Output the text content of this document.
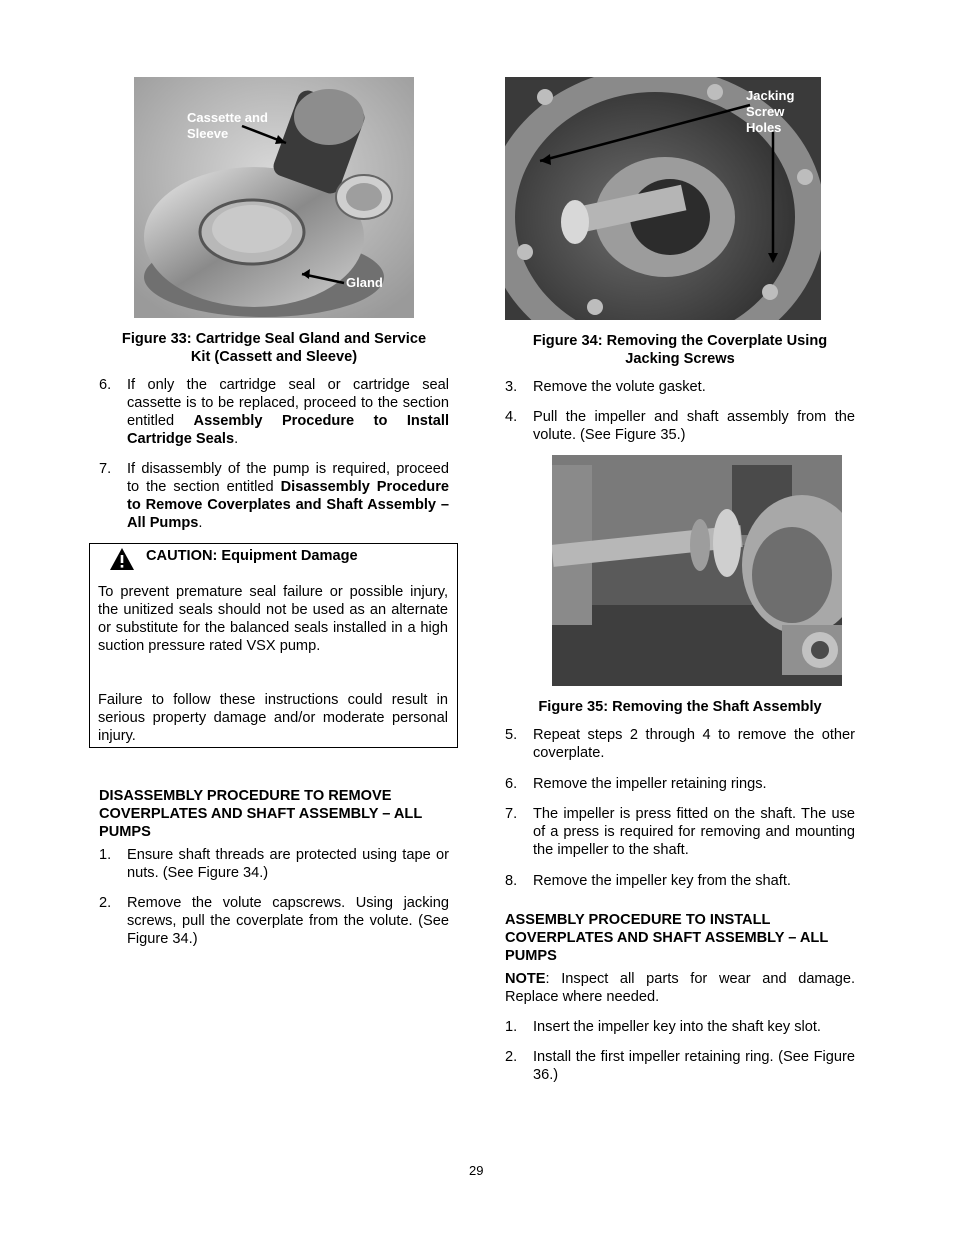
Cassette and Sleeve
Gland
Figure 33: Cartridge Seal Gland and Service
Kit (Cassett and Sleeve)
6. If only the cartridge seal or cartridge seal cassette is to be replaced, proceed to the section entitled Assembly Procedure to Install Cartridge Seals.
7. If disassembly of the pump is required, proceed to the section entitled Disassembly Procedure to Remove Coverplates and Shaft Assembly – All Pumps.
CAUTION: Equipment Damage

To prevent premature seal failure or possible injury, the unitized seals should not be used as an alternate or substitute for the balanced seals installed in a high suction pressure rated VSX pump.

Failure to follow these instructions could result in serious property damage and/or moderate personal injury.

DISASSEMBLY PROCEDURE TO REMOVE COVERPLATES AND SHAFT ASSEMBLY – ALL PUMPS
1. Ensure shaft threads are protected using tape or nuts. (See Figure 34.)
2. Remove the volute capscrews. Using jacking screws, pull the coverplate from the volute. (See Figure 34.)
Jacking Screw Holes
Figure 34: Removing the Coverplate Using
Jacking Screws
3. Remove the volute gasket.
4. Pull the impeller and shaft assembly from the volute. (See Figure 35.)
Figure 35: Removing the Shaft Assembly
5. Repeat steps 2 through 4 to remove the other coverplate.
6. Remove the impeller retaining rings.
7. The impeller is press fitted on the shaft. The use of a press is required for removing and mounting the impeller to the shaft.
8. Remove the impeller key from the shaft.
ASSEMBLY PROCEDURE TO INSTALL COVERPLATES AND SHAFT ASSEMBLY – ALL PUMPS
NOTE: Inspect all parts for wear and damage. Replace where needed.
1. Insert the impeller key into the shaft key slot.
2. Install the first impeller retaining ring. (See Figure 36.)
29
